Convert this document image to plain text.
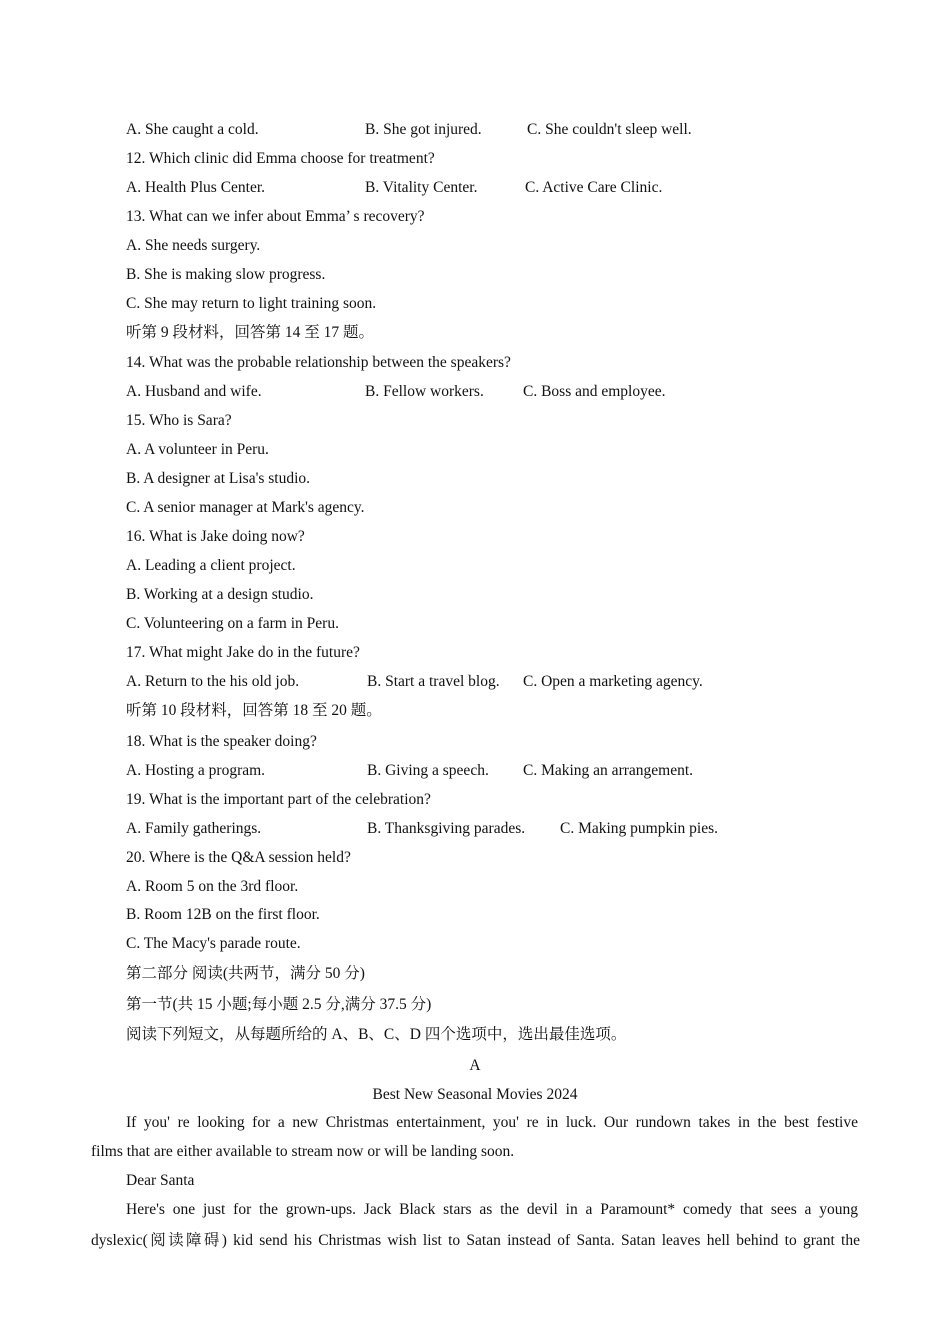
A. She caught a cold.	B. She got injured.	C. She couldn't sleep well.
12. Which clinic did Emma choose for treatment?
A. Health Plus Center.	B. Vitality Center.	C. Active Care Clinic.
13. What can we infer about Emma’ s recovery?
A. She needs surgery.
B. She is making slow progress.
C. She may return to light training soon.
听第 9 段材料，回答第 14 至 17 题。
14. What was the probable relationship between the speakers?
A. Husband and wife.	B. Fellow workers.	C. Boss and employee.
15. Who is Sara?
A. A volunteer in Peru.
B. A designer at Lisa's studio.
C. A senior manager at Mark's agency.
16. What is Jake doing now?
A. Leading a client project.
B. Working at a design studio.
C. Volunteering on a farm in Peru.
17. What might Jake do in the future?
A. Return to the his old job.	B. Start a travel blog. C. Open a marketing agency.
听第 10 段材料，回答第 18 至 20 题。
18. What is the speaker doing?
A. Hosting a program.	B. Giving a speech. C. Making an arrangement.
19. What is the important part of the celebration?
A. Family gatherings.	B. Thanksgiving parades. C. Making pumpkin pies.
20. Where is the Q&A session held?
A. Room 5 on the 3rd floor.
B. Room 12B on the first floor.
C. The Macy's parade route.
第二部分 阅读(共两节，满分 50 分)
第一节(共 15 小题;每小题 2.5 分,满分 37.5 分)
阅读下列短文，从每题所给的 A、B、C、D 四个选项中，选出最佳选项。
A
Best New Seasonal Movies 2024
If you' re looking for a new Christmas entertainment, you' re in luck. Our rundown takes in the best festive
films that are either available to stream now or will be landing soon.
Dear Santa
Here's one just for the grown-ups. Jack Black stars as the devil in a Paramount* comedy that sees a young
dyslexic(阅读障碍) kid send his Christmas wish list to Satan instead of Santa. Satan leaves hell behind to grant the
